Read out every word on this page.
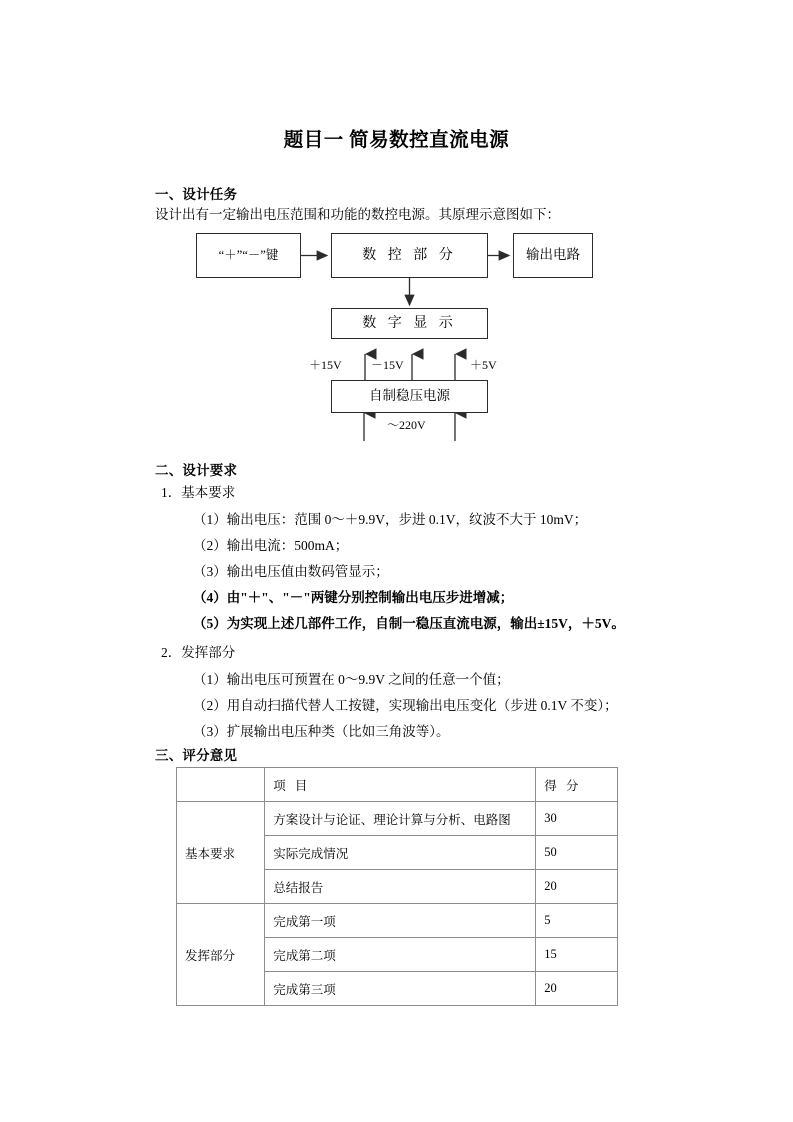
题目一 简易数控直流电源
一、设计任务
设计出有一定输出电压范围和功能的数控电源。其原理示意图如下：
“＋”“－”键	数 控 部 分	输出电路
数 字 显 示
自制稳压电源
＋15V －15V	＋5V
～220V
二、设计要求
1．基本要求
（1）输出电压：范围 0～＋9.9V，步进 0.1V，纹波不大于 10mV；
（2）输出电流：500mA；
（3）输出电压值由数码管显示；
（4）由"＋"、"－"两键分别控制输出电压步进增减；
（5）为实现上述几部件工作，自制一稳压直流电源，输出±15V，＋5V。
2．发挥部分
（1）输出电压可预置在 0～9.9V 之间的任意一个值；
（2）用自动扫描代替人工按键，实现输出电压变化（步进 0.1V 不变）；
（3）扩展输出电压种类（比如三角波等）。
三、评分意见
	项 目	得 分
基本要求	方案设计与论证、理论计算与分析、电路图	30
	实际完成情况	50
	总结报告	20
发挥部分	完成第一项	5
	完成第二项	15
	完成第三项	20
